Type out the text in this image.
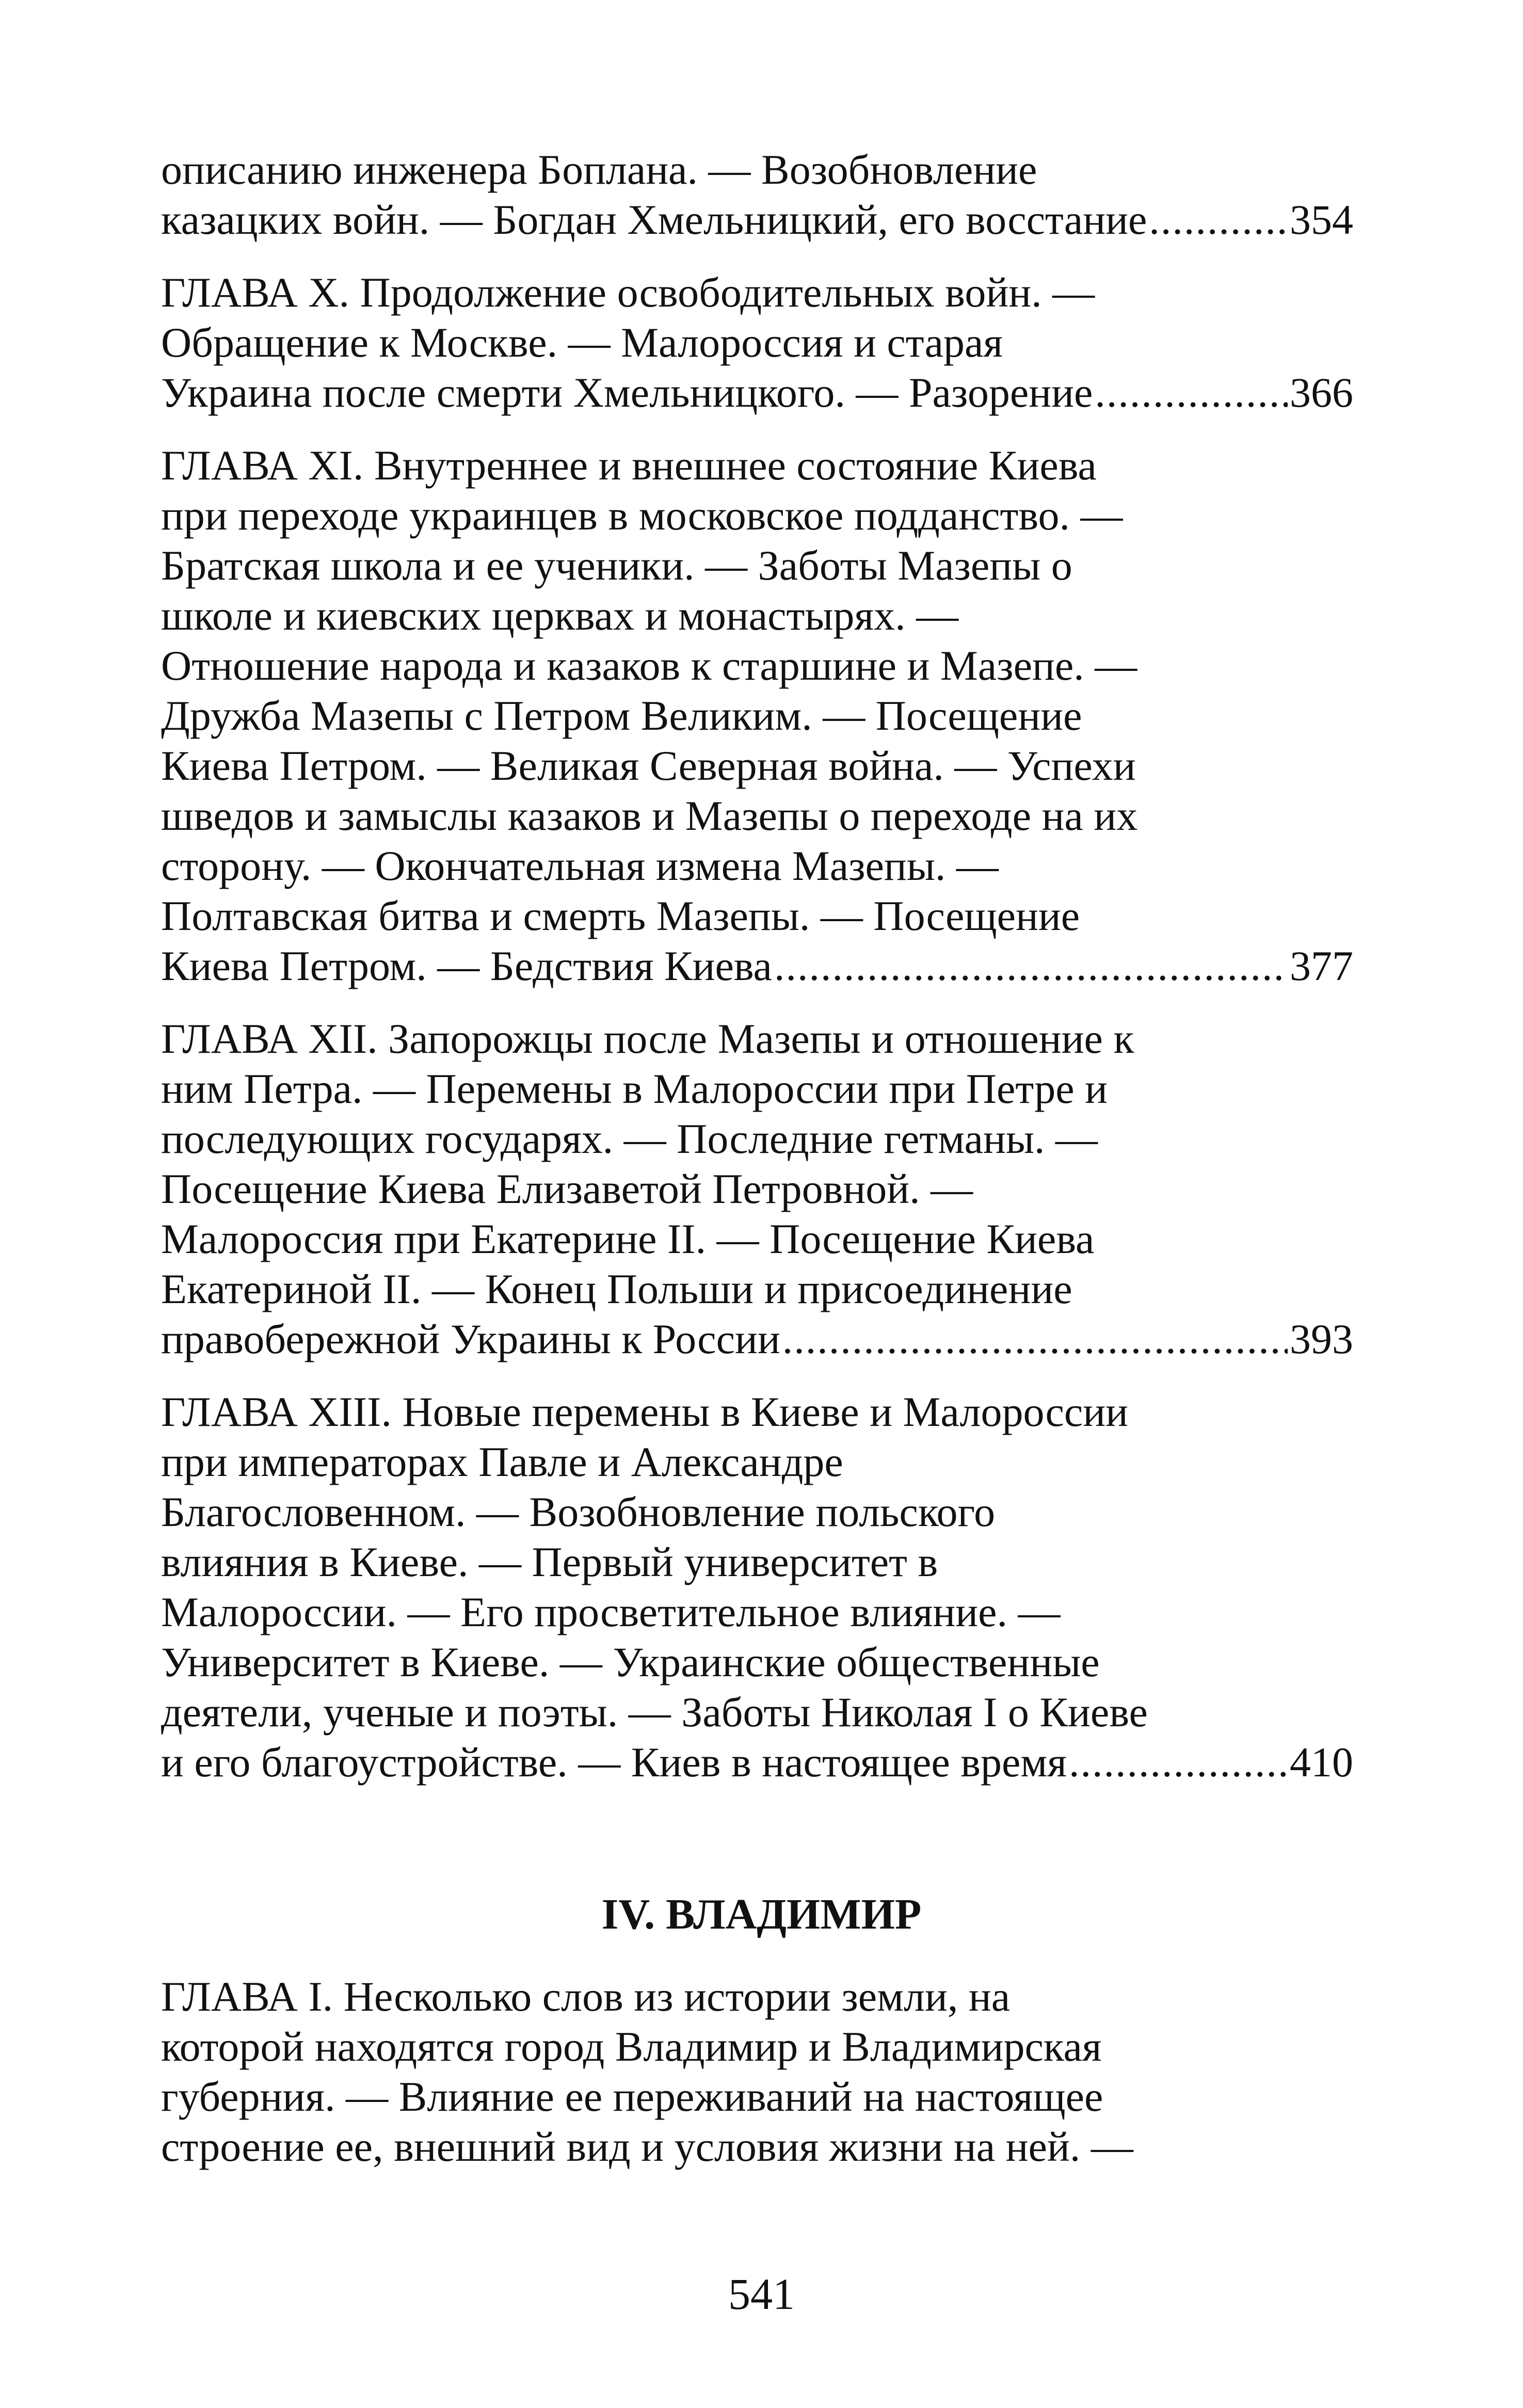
описанию инженера Боплана. — Возобновление
казацких войн. — Богдан Хмельницкий, его восстание .....	354
ГЛАВА X. Продолжение освободительных войн. —
Обращение к Москве. — Малороссия и старая
Украина после смерти Хмельницкого. — Разорение .....	366
ГЛАВА XI. Внутреннее и внешнее состояние Киева
при переходе украинцев в московское подданство. —
Братская школа и ее ученики. — Заботы Мазепы о
школе и киевских церквах и монастырях. —
Отношение народа и казаков к старшине и Мазепе. —
Дружба Мазепы с Петром Великим. — Посещение
Киева Петром. — Великая Северная война. — Успехи
шведов и замыслы казаков и Мазепы о переходе на их
сторону. — Окончательная измена Мазепы. —
Полтавская битва и смерть Мазепы. — Посещение
Киева Петром. — Бедствия Киева .....	377
ГЛАВА XII. Запорожцы после Мазепы и отношение к
ним Петра. — Перемены в Малороссии при Петре и
последующих государях. — Последние гетманы. —
Посещение Киева Елизаветой Петровной. —
Малороссия при Екатерине II. — Посещение Киева
Екатериной II. — Конец Польши и присоединение
правобережной Украины к России .....	393
ГЛАВА XIII. Новые перемены в Киеве и Малороссии
при императорах Павле и Александре
Благословенном. — Возобновление польского
влияния в Киеве. — Первый университет в
Малороссии. — Его просветительное влияние. —
Университет в Киеве. — Украинские общественные
деятели, ученые и поэты. — Заботы Николая I о Киеве
и его благоустройстве. — Киев в настоящее время .....	410
IV. ВЛАДИМИР
ГЛАВА I. Несколько слов из истории земли, на
которой находятся город Владимир и Владимирская
губерния. — Влияние ее переживаний на настоящее
строение ее, внешний вид и условия жизни на ней. —
541
